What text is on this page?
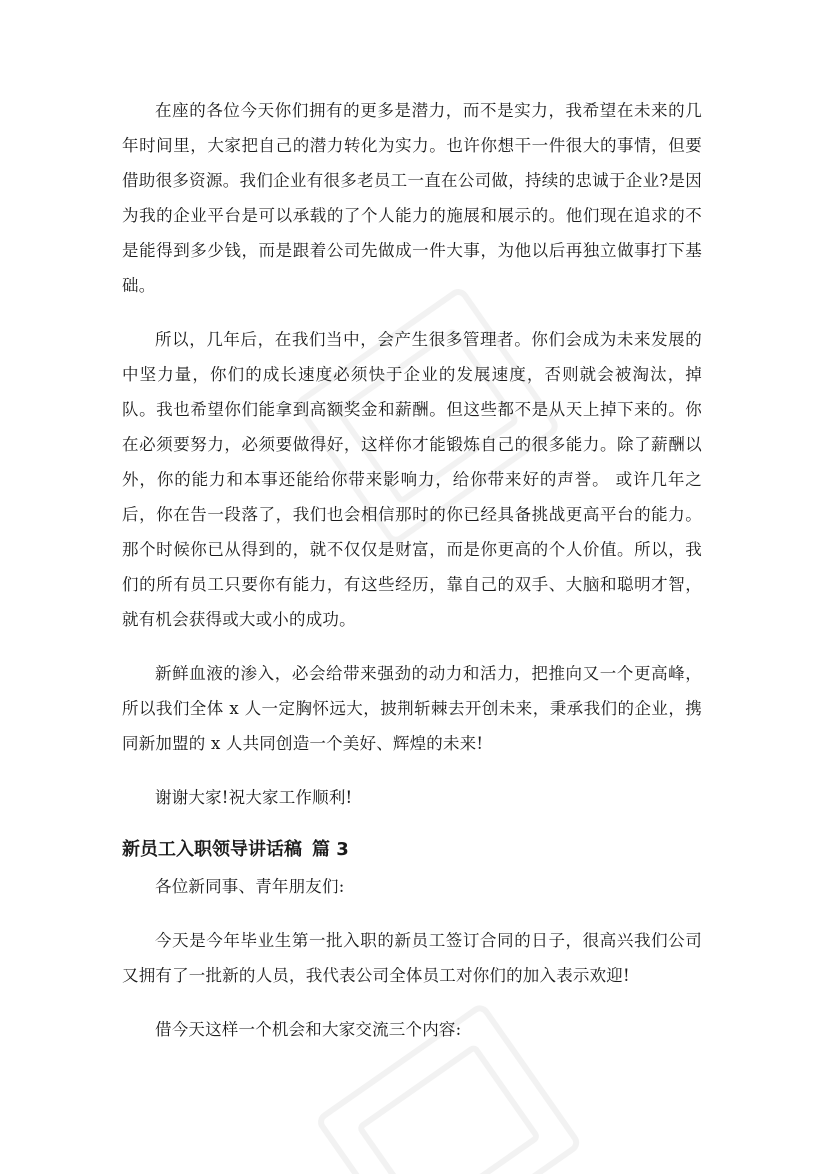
在座的各位今天你们拥有的更多是潜力，而不是实力，我希望在未来的几年时间里，大家把自己的潜力转化为实力。也许你想干一件很大的事情，但要借助很多资源。我们企业有很多老员工一直在公司做，持续的忠诚于企业?是因为我的企业平台是可以承载的了个人能力的施展和展示的。他们现在追求的不是能得到多少钱，而是跟着公司先做成一件大事，为他以后再独立做事打下基础。

所以，几年后，在我们当中，会产生很多管理者。你们会成为未来发展的中坚力量，你们的成长速度必须快于企业的发展速度，否则就会被淘汰，掉队。我也希望你们能拿到高额奖金和薪酬。但这些都不是从天上掉下来的。你在必须要努力，必须要做得好，这样你才能锻炼自己的很多能力。除了薪酬以外，你的能力和本事还能给你带来影响力，给你带来好的声誉。 或许几年之后，你在告一段落了，我们也会相信那时的你已经具备挑战更高平台的能力。那个时候你已从得到的，就不仅仅是财富，而是你更高的个人价值。所以，我们的所有员工只要你有能力，有这些经历，靠自己的双手、大脑和聪明才智，就有机会获得或大或小的成功。

新鲜血液的渗入，必会给带来强劲的动力和活力，把推向又一个更高峰，所以我们全体 x 人一定胸怀远大，披荆斩棘去开创未来，秉承我们的企业，携同新加盟的 x 人共同创造一个美好、辉煌的未来!

谢谢大家!祝大家工作顺利!

新员工入职领导讲话稿 篇 3

各位新同事、青年朋友们:

今天是今年毕业生第一批入职的新员工签订合同的日子，很高兴我们公司又拥有了一批新的人员，我代表公司全体员工对你们的加入表示欢迎!

借今天这样一个机会和大家交流三个内容:
